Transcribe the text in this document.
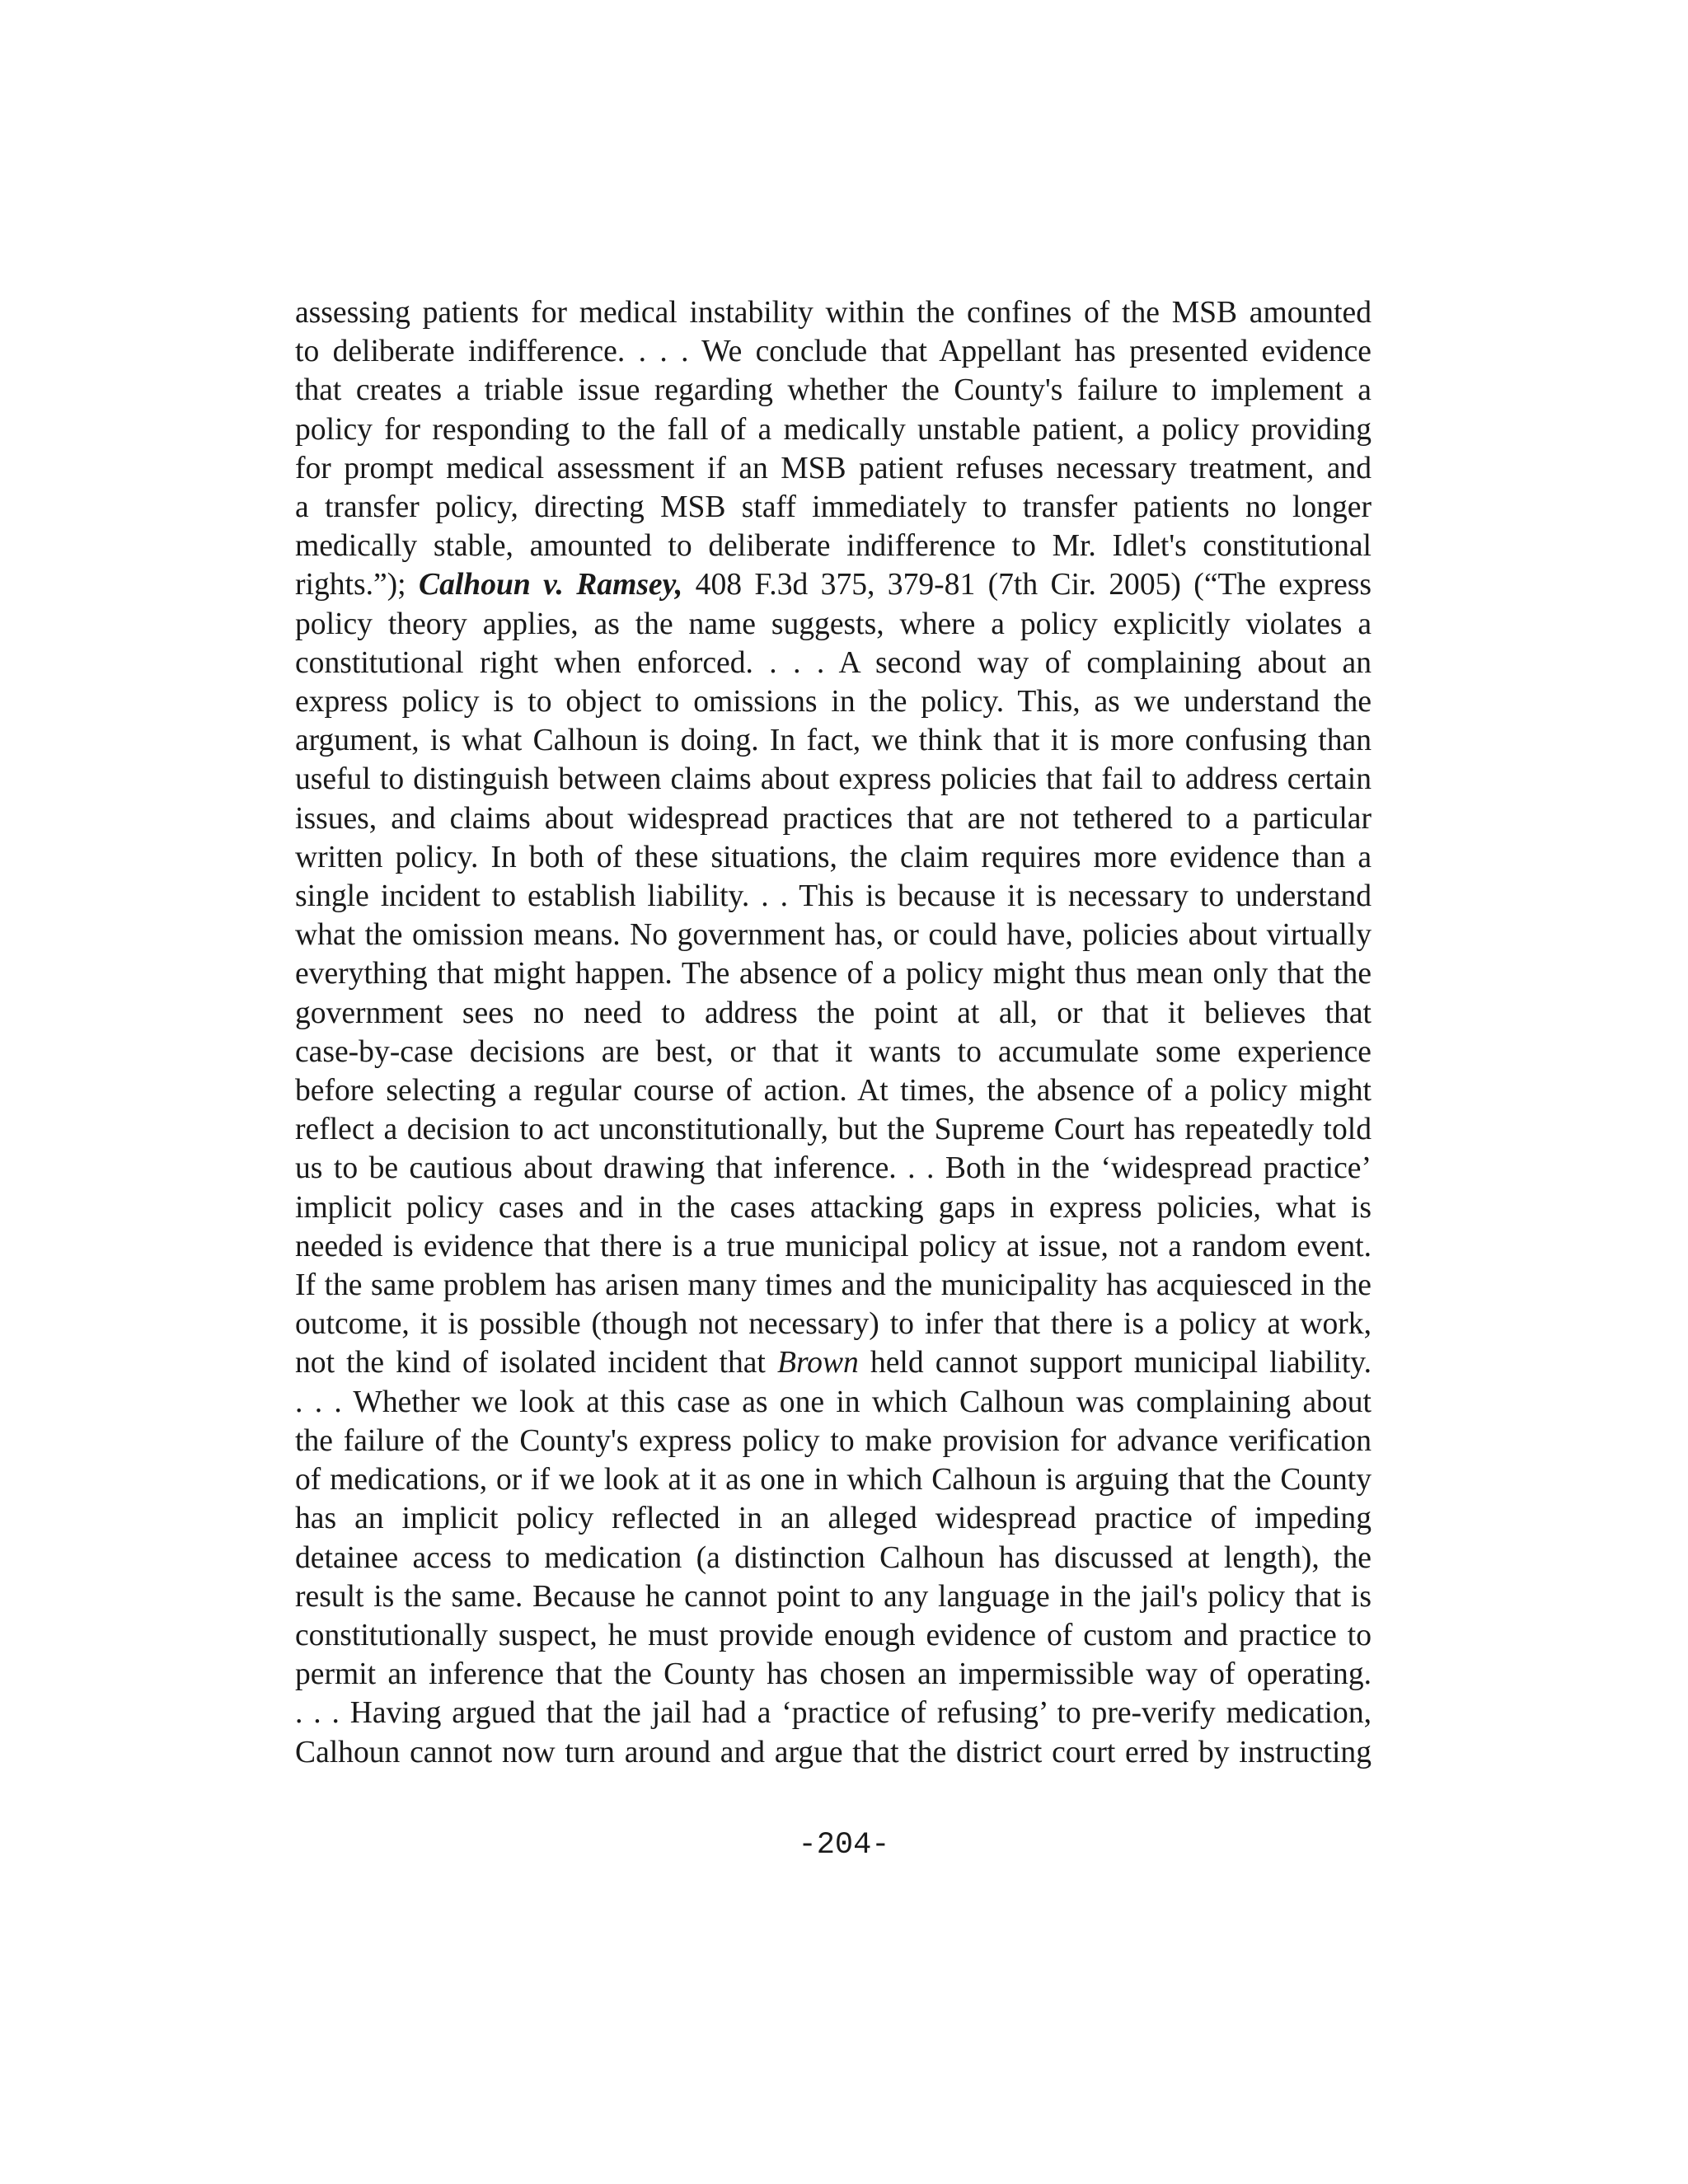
assessing patients for medical instability within the confines of the MSB amounted
to deliberate indifference. . . . We conclude that Appellant has presented evidence
that creates a triable issue regarding whether the County's failure to implement a
policy for responding to the fall of a medically unstable patient, a policy providing
for prompt medical assessment if an MSB patient refuses necessary treatment, and
a transfer policy, directing MSB staff immediately to transfer patients no longer
medically stable, amounted to deliberate indifference to Mr. Idlet's constitutional
rights.”); Calhoun v. Ramsey, 408 F.3d 375, 379-81 (7th Cir. 2005) (“The express
policy theory applies, as the name suggests, where a policy explicitly violates a
constitutional right when enforced. . . . A second way of complaining about an
express policy is to object to omissions in the policy. This, as we understand the
argument, is what Calhoun is doing. In fact, we think that it is more confusing than
useful to distinguish between claims about express policies that fail to address certain
issues, and claims about widespread practices that are not tethered to a particular
written policy. In both of these situations, the claim requires more evidence than a
single incident to establish liability. . . This is because it is necessary to understand
what the omission means. No government has, or could have, policies about virtually
everything that might happen. The absence of a policy might thus mean only that the
government sees no need to address the point at all, or that it believes that
case-by-case decisions are best, or that it wants to accumulate some experience
before selecting a regular course of action. At times, the absence of a policy might
reflect a decision to act unconstitutionally, but the Supreme Court has repeatedly told
us to be cautious about drawing that inference. . . Both in the ‘widespread practice’
implicit policy cases and in the cases attacking gaps in express policies, what is
needed is evidence that there is a true municipal policy at issue, not a random event.
If the same problem has arisen many times and the municipality has acquiesced in the
outcome, it is possible (though not necessary) to infer that there is a policy at work,
not the kind of isolated incident that Brown held cannot support municipal liability.
. . . Whether we look at this case as one in which Calhoun was complaining about
the failure of the County's express policy to make provision for advance verification
of medications, or if we look at it as one in which Calhoun is arguing that the County
has an implicit policy reflected in an alleged widespread practice of impeding
detainee access to medication (a distinction Calhoun has discussed at length), the
result is the same. Because he cannot point to any language in the jail's policy that is
constitutionally suspect, he must provide enough evidence of custom and practice to
permit an inference that the County has chosen an impermissible way of operating.
. . . Having argued that the jail had a ‘practice of refusing’ to pre-verify medication,
Calhoun cannot now turn around and argue that the district court erred by instructing

-204-
